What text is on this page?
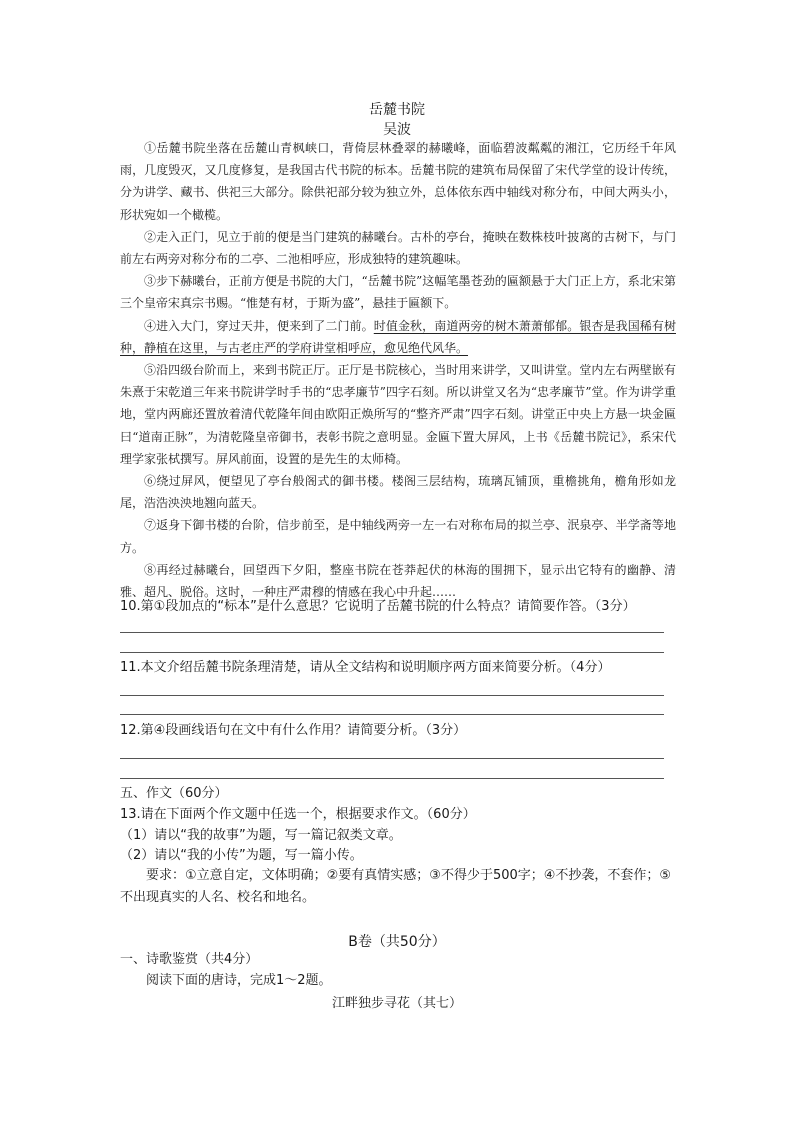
岳麓书院
吴波

①岳麓书院坐落在岳麓山青枫峡口，背倚层林叠翠的赫曦峰，面临碧波粼粼的湘江，它历经千年风雨，几度毁灭，又几度修复，是我国古代书院的标本。岳麓书院的建筑布局保留了宋代学堂的设计传统，分为讲学、藏书、供祀三大部分。除供祀部分较为独立外，总体依东西中轴线对称分布，中间大两头小，形状宛如一个橄榄。

②走入正门，见立于前的便是当门建筑的赫曦台。古朴的亭台，掩映在数株枝叶披离的古树下，与门前左右两旁对称分布的二亭、二池相呼应，形成独特的建筑趣味。

③步下赫曦台，正前方便是书院的大门，“岳麓书院”这幅笔墨苍劲的匾额悬于大门正上方，系北宋第三个皇帝宋真宗书赐。“惟楚有材，于斯为盛”，悬挂于匾额下。

④进入大门，穿过天井，便来到了二门前。时值金秋，南道两旁的树木萧萧郁郁。银杏是我国稀有树种，静植在这里，与古老庄严的学府讲堂相呼应，愈见绝代风华。

⑤沿四级台阶而上，来到书院正厅。正厅是书院核心，当时用来讲学，又叫讲堂。堂内左右两壁嵌有朱熹于宋乾道三年来书院讲学时手书的“忠孝廉节”四字石刻。所以讲堂又名为“忠孝廉节”堂。作为讲学重地，堂内两廊还置放着清代乾隆年间由欧阳正焕所写的“整齐严肃”四字石刻。讲堂正中央上方悬一块金匾曰“道南正脉”，为清乾隆皇帝御书，表彰书院之意明显。金匾下置大屏风，上书《岳麓书院记》，系宋代理学家张栻撰写。屏风前面，设置的是先生的太师椅。

⑥绕过屏风，便望见了亭台般阁式的御书楼。楼阁三层结构，琉璃瓦铺顶，重檐挑角，檐角形如龙尾，浩浩泱泱地翘向蓝天。

⑦返身下御书楼的台阶，信步前至，是中轴线两旁一左一右对称布局的拟兰亭、泯泉亭、半学斋等地方。

⑧再经过赫曦台，回望西下夕阳，整座书院在苍莽起伏的林海的围拥下，显示出它特有的幽静、清雅、超凡、脱俗。这时，一种庄严肃穆的情感在我心中升起……

10.第①段加点的“标本”是什么意思？它说明了岳麓书院的什么特点？请简要作答。（3分）
11.本文介绍岳麓书院条理清楚，请从全文结构和说明顺序两方面来简要分析。（4分）
12.第④段画线语句在文中有什么作用？请简要分析。（3分）
五、作文（60分）
13.请在下面两个作文题中任选一个，根据要求作文。（60分）
（1）请以“我的故事”为题，写一篇记叙类文章。
（2）请以“我的小传”为题，写一篇小传。
要求：①立意自定，文体明确；②要有真情实感；③不得少于500字；④不抄袭，不套作；⑤不出现真实的人名、校名和地名。
B卷（共50分）
一、诗歌鉴赏（共4分）
阅读下面的唐诗，完成1～2题。
江畔独步寻花（其七）
